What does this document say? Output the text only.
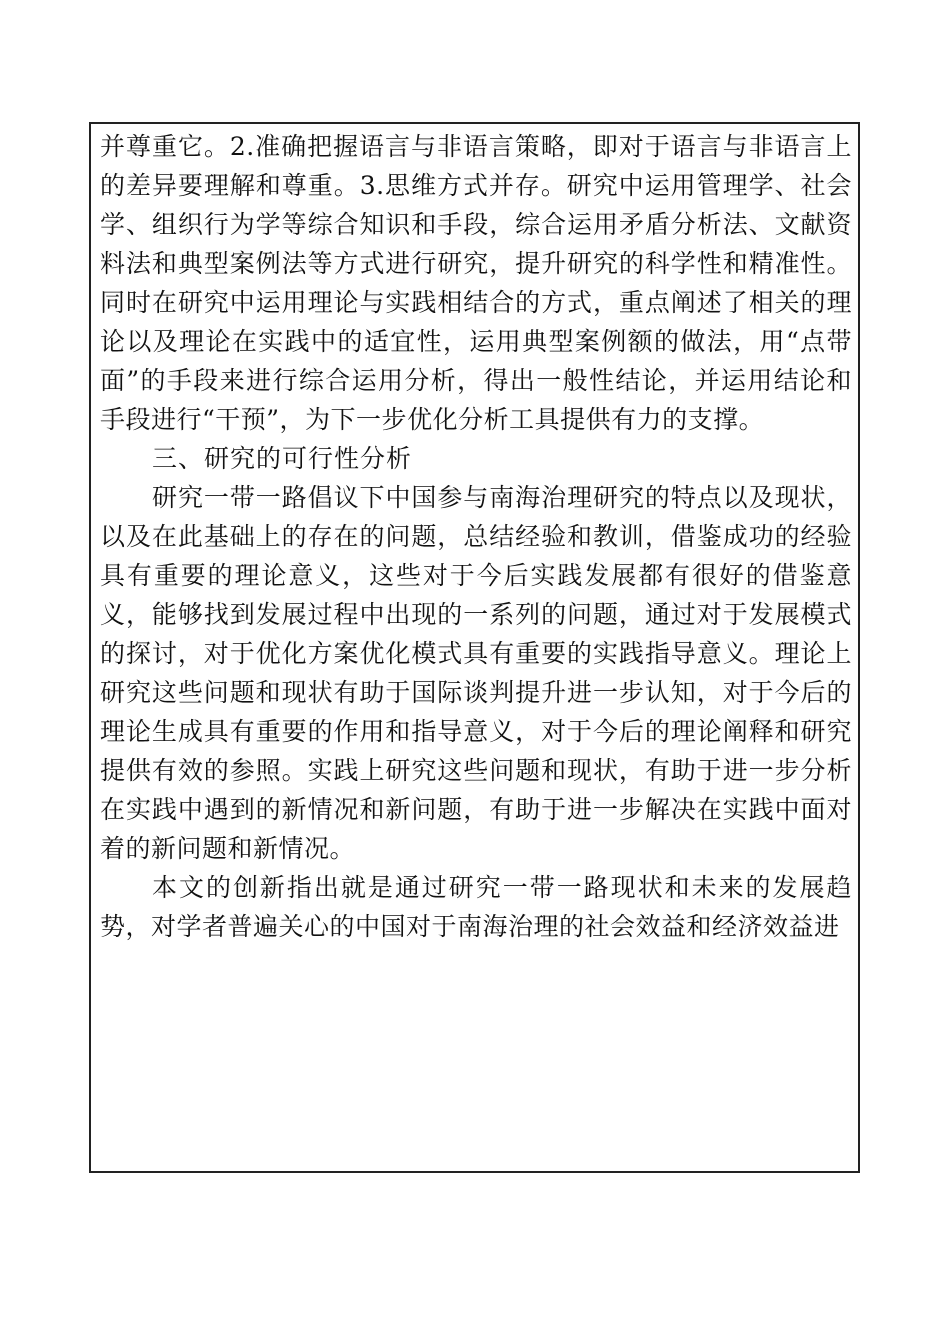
并尊重它。2.准确把握语言与非语言策略，即对于语言与非语言上的差异要理解和尊重。3.思维方式并存。研究中运用管理学、社会学、组织行为学等综合知识和手段，综合运用矛盾分析法、文献资料法和典型案例法等方式进行研究，提升研究的科学性和精准性。同时在研究中运用理论与实践相结合的方式，重点阐述了相关的理论以及理论在实践中的适宜性，运用典型案例额的做法，用“点带面”的手段来进行综合运用分析，得出一般性结论，并运用结论和手段进行“干预”，为下一步优化分析工具提供有力的支撑。

三、研究的可行性分析

研究一带一路倡议下中国参与南海治理研究的特点以及现状，以及在此基础上的存在的问题，总结经验和教训，借鉴成功的经验具有重要的理论意义，这些对于今后实践发展都有很好的借鉴意义，能够找到发展过程中出现的一系列的问题，通过对于发展模式的探讨，对于优化方案优化模式具有重要的实践指导意义。理论上研究这些问题和现状有助于国际谈判提升进一步认知，对于今后的理论生成具有重要的作用和指导意义，对于今后的理论阐释和研究提供有效的参照。实践上研究这些问题和现状，有助于进一步分析在实践中遇到的新情况和新问题，有助于进一步解决在实践中面对着的新问题和新情况。

本文的创新指出就是通过研究一带一路现状和未来的发展趋势，对学者普遍关心的中国对于南海治理的社会效益和经济效益进
